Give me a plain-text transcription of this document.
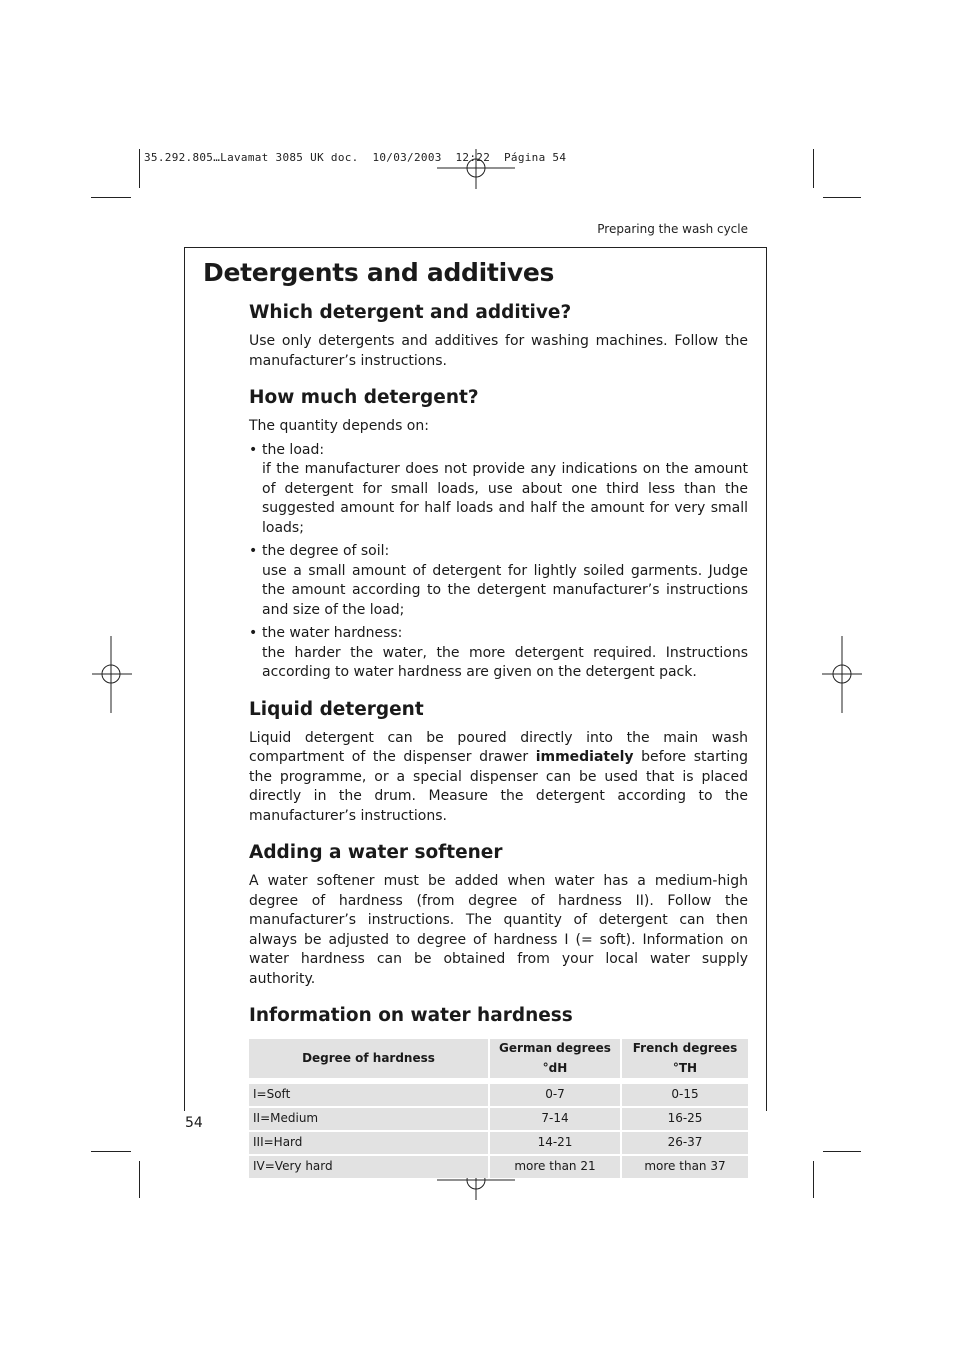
35.292.805…Lavamat 3085 UK doc.  10/03/2003  12:22  Página 54
Preparing the wash cycle
Detergents and additives
Which detergent and additive?

Use only detergents and additives for washing machines. Follow the manufacturer’s instructions.

How much detergent?

The quantity depends on:

• the load:
if the manufacturer does not provide any indications on the amount of detergent for small loads, use about one third less than the suggested amount for half loads and half the amount for very small loads;
• the degree of soil:
use a small amount of detergent for lightly soiled garments. Judge the amount according to the detergent manufacturer’s instructions and size of the load;
• the water hardness:
the harder the water, the more detergent required. Instructions according to water hardness are given on the detergent pack.
Liquid detergent

Liquid detergent can be poured directly into the main wash compartment of the dispenser drawer immediately before starting the programme, or a special dispenser can be used that is placed directly in the drum. Measure the detergent according to the manufacturer’s instructions.

Adding a water softener

A water softener must be added when water has a medium-high degree of hardness (from degree of hardness II). Follow the manufacturer’s instructions. The quantity of detergent can then always be adjusted to degree of hardness I (= soft). Information on water hardness can be obtained from your local water supply authority.

Information on water hardness
Degree of hardness	German degrees °dH	French degrees °TH

I=Soft	0-7	0-15
II=Medium	7-14	16-25
III=Hard	14-21	26-37
IV=Very hard	more than 21	more than 37
54
